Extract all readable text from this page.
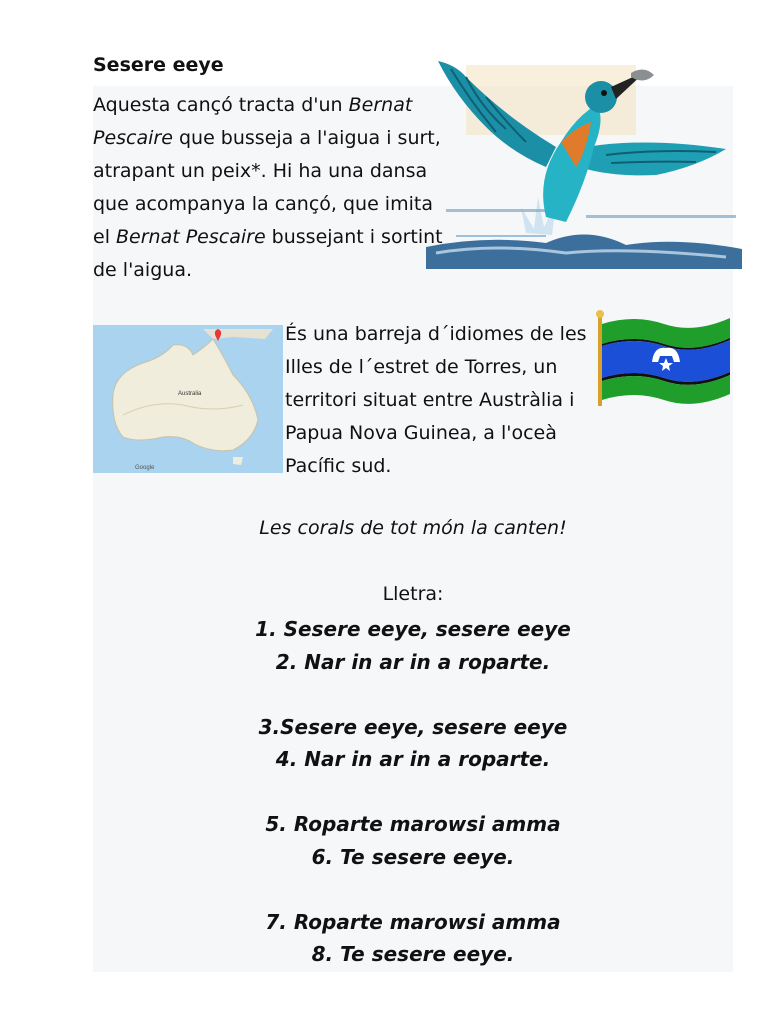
Sesere eeye

Aquesta cançó tracta d'un Bernat Pescaire que busseja a l'aigua i surt, atrapant un peix*. Hi ha una dansa que acompanya la cançó, que imita el Bernat Pescaire bussejant i sortint de l'aigua.

Australia
Google

És una barreja d´idiomes de les Illes de l´estret de Torres, un territori situat entre Austràlia i Papua Nova Guinea, a l'oceà Pacífic sud.

Les corals de tot món la canten!

Lletra:

1. Sesere eeye, sesere eeye
2. Nar in ar in a roparte.
3.Sesere eeye, sesere eeye
4. Nar in ar in a roparte.
5. Roparte marowsi amma
6. Te sesere eeye.
7. Roparte marowsi amma
8. Te sesere eeye.
